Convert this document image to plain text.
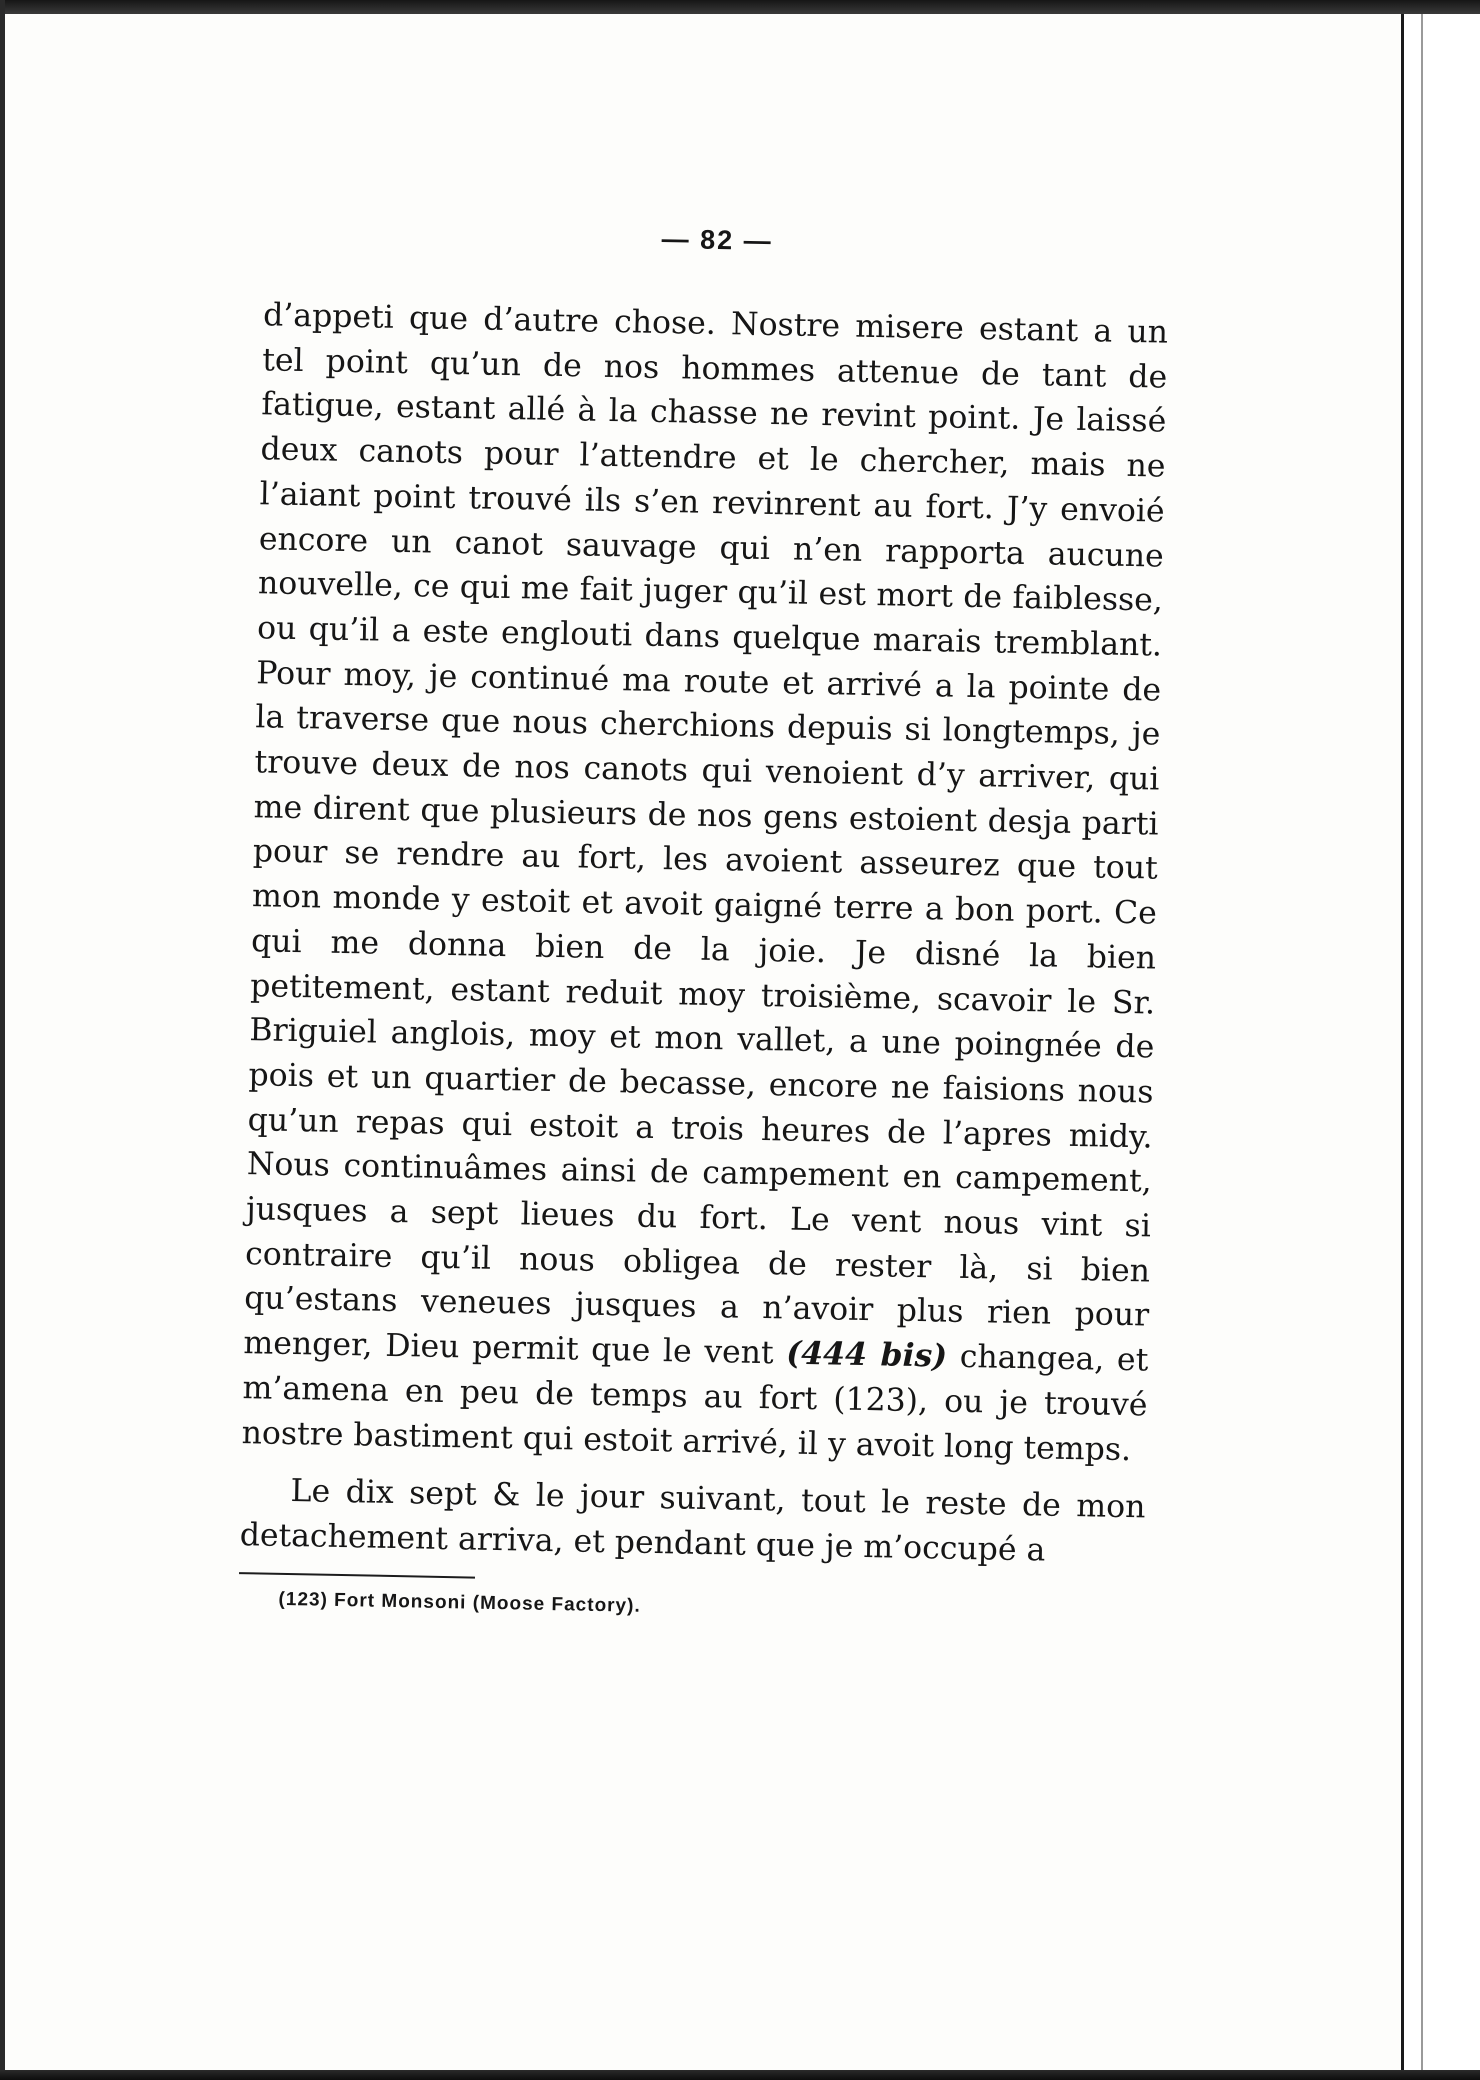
— 82 —

d’appeti que d’autre chose. Nostre misere estant a un tel point qu’un de nos hommes attenue de tant de fatigue, estant allé à la chasse ne revint point. Je laissé deux canots pour l’attendre et le chercher, mais ne l’aiant point trouvé ils s’en revinrent au fort. J’y envoié encore un canot sauvage qui n’en rapporta aucune nouvelle, ce qui me fait juger qu’il est mort de faiblesse, ou qu’il a este englouti dans quelque marais tremblant. Pour moy, je continué ma route et arrivé a la pointe de la traverse que nous cherchions depuis si longtemps, je trouve deux de nos canots qui venoient d’y arriver, qui me dirent que plusieurs de nos gens estoient desja parti pour se rendre au fort, les avoient asseurez que tout mon monde y estoit et avoit gaigné terre a bon port. Ce qui me donna bien de la joie. Je disné la bien petitement, estant reduit moy troisième, scavoir le Sr. Briguiel anglois, moy et mon vallet, a une poingnée de pois et un quartier de becasse, encore ne faisions nous qu’un repas qui estoit a trois heures de l’apres midy. Nous continuâmes ainsi de campement en campement, jusques a sept lieues du fort. Le vent nous vint si contraire qu’il nous obligea de rester là, si bien qu’estans veneues jusques a n’avoir plus rien pour menger, Dieu permit que le vent (444 bis) changea, et m’amena en peu de temps au fort (123), ou je trouvé nostre bastiment qui estoit arrivé, il y avoit long temps.

Le dix sept & le jour suivant, tout le reste de mon detachement arriva, et pendant que je m’occupé a

(123) Fort Monsoni (Moose Factory).
